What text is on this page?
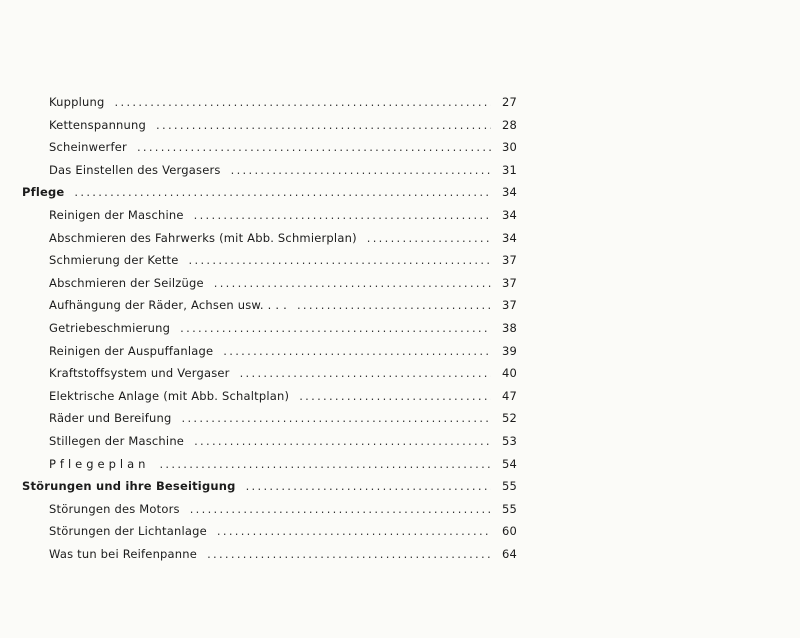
Kupplung .....	27
Kettenspannung .....	28
Scheinwerfer .....	30
Das Einstellen des Vergasers .....	31
Pflege .....	34
Reinigen der Maschine .....	34
Abschmieren des Fahrwerks (mit Abb. Schmierplan) .....	34
Schmierung der Kette .....	37
Abschmieren der Seilzüge .....	37
Aufhängung der Räder, Achsen usw. . . . .....	37
Getriebeschmierung .....	38
Reinigen der Auspuffanlage .....	39
Kraftstoffsystem und Vergaser .....	40
Elektrische Anlage (mit Abb. Schaltplan) .....	47
Räder und Bereifung .....	52
Stillegen der Maschine .....	53
Pflegeplan .....	54
Störungen und ihre Beseitigung .....	55
Störungen des Motors .....	55
Störungen der Lichtanlage .....	60
Was tun bei Reifenpanne .....	64
